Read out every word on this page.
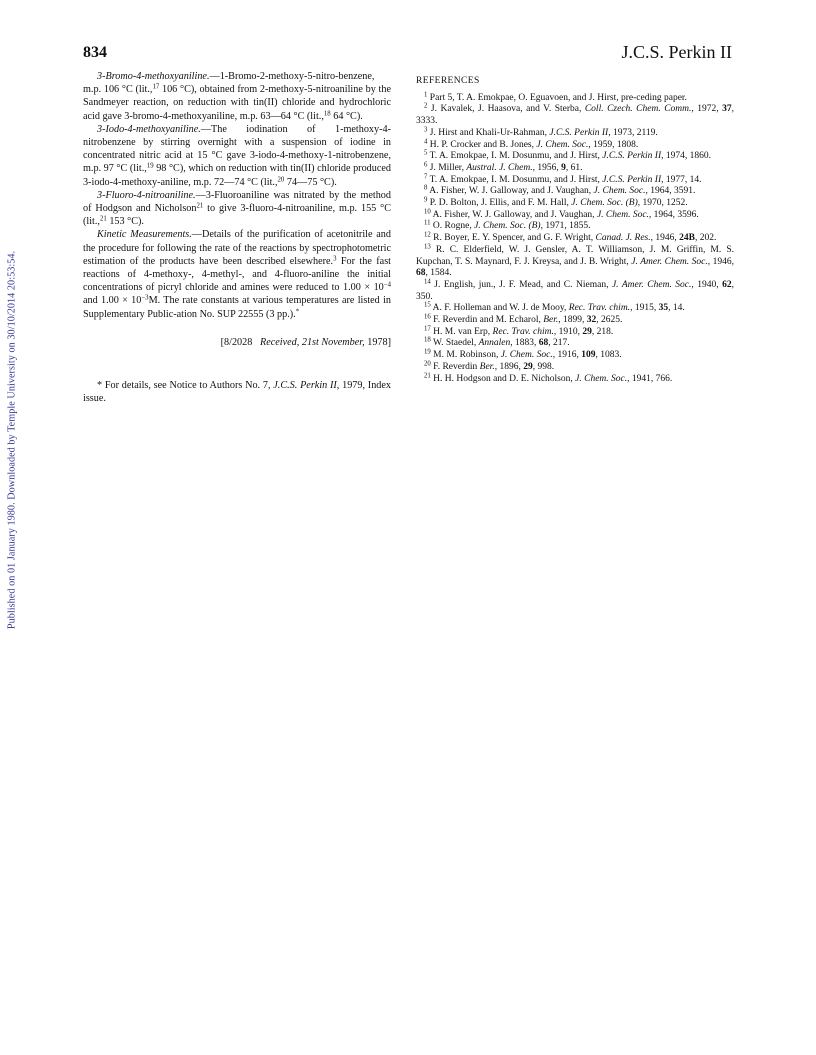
Published on 01 January 1980. Downloaded by Temple University on 30/10/2014 20:53:54.
834	J.C.S. Perkin II

3-Bromo-4-methoxyaniline.—1-Bromo-2-methoxy-5-nitro-benzene, m.p. 106 °C (lit.,$^{17}$ 106 °C), obtained from 2-methoxy-5-nitroaniline by the Sandmeyer reaction, on reduction with tin(II) chloride and hydrochloric acid gave 3-bromo-4-methoxyaniline, m.p. 63—64 °C (lit.,$^{18}$ 64 °C).

3-Iodo-4-methoxyaniline.—The iodination of 1-methoxy-4-nitrobenzene by stirring overnight with a suspension of iodine in concentrated nitric acid at 15 °C gave 3-iodo-4-methoxy-1-nitrobenzene, m.p. 97 °C (lit.,$^{19}$ 98 °C), which on reduction with tin(II) chloride produced 3-iodo-4-methoxy-aniline, m.p. 72—74 °C (lit.,$^{20}$ 74—75 °C).

3-Fluoro-4-nitroaniline.—3-Fluoroaniline was nitrated by the method of Hodgson and Nicholson$^{21}$ to give 3-fluoro-4-nitroaniline, m.p. 155 °C (lit.,$^{21}$ 153 °C).

Kinetic Measurements.—Details of the purification of acetonitrile and the procedure for following the rate of the reactions by spectrophotometric estimation of the products have been described elsewhere.$^3$ For the fast reactions of 4-methoxy-, 4-methyl-, and 4-fluoro-aniline the initial concentrations of picryl chloride and amines were reduced to $1.00 \times 10^{-4}$ and $1.00 \times 10^{-3}M$. The rate constants at various temperatures are listed in Supplementary Public-ation No. SUP 22555 (3 pp.).*

[8/2028 Received, 21st November, 1978]

* For details, see Notice to Authors No. 7, J.C.S. Perkin II, 1979, Index issue.

REFERENCES
$^1$ Part 5, T. A. Emokpae, O. Eguavoen, and J. Hirst, pre-ceding paper.
$^2$ J. Kavalek, J. Haasova, and V. Sterba, Coll. Czech. Chem. Comm., 1972, 37, 3333.
$^3$ J. Hirst and Khali-Ur-Rahman, J.C.S. Perkin II, 1973, 2119.
$^4$ H. P. Crocker and B. Jones, J. Chem. Soc., 1959, 1808.
$^5$ T. A. Emokpae, I. M. Dosunmu, and J. Hirst, J.C.S. Perkin II, 1974, 1860.
$^6$ J. Miller, Austral. J. Chem., 1956, 9, 61.
$^7$ T. A. Emokpae, I. M. Dosunmu, and J. Hirst, J.C.S. Perkin II, 1977, 14.
$^8$ A. Fisher, W. J. Galloway, and J. Vaughan, J. Chem. Soc., 1964, 3591.
$^9$ P. D. Bolton, J. Ellis, and F. M. Hall, J. Chem. Soc. (B), 1970, 1252.
$^{10}$ A. Fisher, W. J. Galloway, and J. Vaughan, J. Chem. Soc., 1964, 3596.
$^{11}$ O. Rogne, J. Chem. Soc. (B), 1971, 1855.
$^{12}$ R. Boyer, E. Y. Spencer, and G. F. Wright, Canad. J. Res., 1946, 24B, 202.
$^{13}$ R. C. Elderfield, W. J. Gensler, A. T. Williamson, J. M. Griffin, M. S. Kupchan, T. S. Maynard, F. J. Kreysa, and J. B. Wright, J. Amer. Chem. Soc., 1946, 68, 1584.
$^{14}$ J. English, jun., J. F. Mead, and C. Nieman, J. Amer. Chem. Soc., 1940, 62, 350.
$^{15}$ A. F. Holleman and W. J. de Mooy, Rec. Trav. chim., 1915, 35, 14.
$^{16}$ F. Reverdin and M. Echarol, Ber., 1899, 32, 2625.
$^{17}$ H. M. van Erp, Rec. Trav. chim., 1910, 29, 218.
$^{18}$ W. Staedel, Annalen, 1883, 68, 217.
$^{19}$ M. M. Robinson, J. Chem. Soc., 1916, 109, 1083.
$^{20}$ F. Reverdin Ber., 1896, 29, 998.
$^{21}$ H. H. Hodgson and D. E. Nicholson, J. Chem. Soc., 1941, 766.
